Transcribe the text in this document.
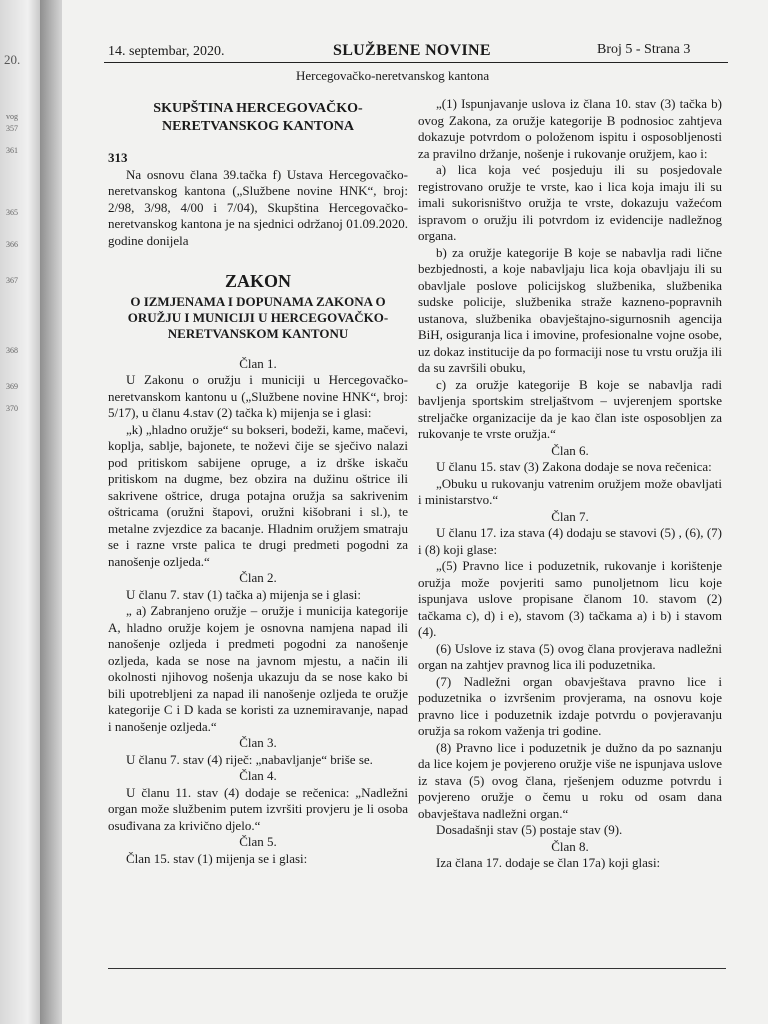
20.
vog
357
361
365
366
367
368
369
370
14. septembar, 2020.	SLUŽBENE NOVINE	Broj 5 - Strana 3
Hercegovačko-neretvanskog kantona
SKUPŠTINA HERCEGOVAČKO-NERETVANSKOG KANTONA

313

Na osnovu člana 39.tačka f) Ustava Hercegovačko-neretvanskog kantona („Službene novine HNK“, broj: 2/98, 3/98, 4/00 i 7/04), Skupština Hercegovačko-neretvanskog kantona je na sjednici održanoj 01.09.2020. godine donijela

ZAKON
O IZMJENAMA I DOPUNAMA ZAKONA O ORUŽJU I MUNICIJI U HERCEGOVAČKO-NERETVANSKOM KANTONU

Član 1.

U Zakonu o oružju i municiji u Hercegovačko-neretvanskom kantonu u („Službene novine HNK“, broj: 5/17), u članu 4.stav (2) tačka k) mijenja se i glasi:

„k) „hladno oružje“ su bokseri, bodeži, kame, mačevi, koplja, sablje, bajonete, te noževi čije se sječivo nalazi pod pritiskom sabijene opruge, a iz drške iskaču pritiskom na dugme, bez obzira na dužinu oštrice ili sakrivene oštrice, druga potajna oružja sa sakrivenim oštricama (oružni štapovi, oružni kišobrani i sl.), te metalne zvjezdice za bacanje. Hladnim oružjem smatraju se i razne vrste palica te drugi predmeti pogodni za nanošenje ozljeda.“

Član 2.

U članu 7. stav (1) tačka a) mijenja se i glasi:

„ a) Zabranjeno oružje – oružje i municija kategorije A, hladno oružje kojem je osnovna namjena napad ili nanošenje ozljeda i predmeti pogodni za nanošenje ozljeda, kada se nose na javnom mjestu, a način ili okolnosti njihovog nošenja ukazuju da se nose kako bi bili upotrebljeni za napad ili nanošenje ozljeda te oružje kategorije C i D kada se koristi za uznemiravanje, napad i nanošenje ozljeda.“

Član 3.

U članu 7. stav (4) riječ: „nabavljanje“ briše se.

Član 4.

U članu 11. stav (4) dodaje se rečenica: „Nadležni organ može službenim putem izvršiti provjeru je li osoba osuđivana za krivično djelo.“

Član 5.

Član 15. stav (1) mijenja se i glasi:

„(1) Ispunjavanje uslova iz člana 10. stav (3) tačka b) ovog Zakona, za oružje kategorije B podnosioc zahtjeva dokazuje potvrdom o položenom ispitu i osposobljenosti za pravilno držanje, nošenje i rukovanje oružjem, kao i:

a) lica koja već posjeduju ili su posjedovale registrovano oružje te vrste, kao i lica koja imaju ili su imali sukorisništvo oružja te vrste, dokazuju važećom ispravom o oružju ili potvrdom iz evidencije nadležnog organa.

b) za oružje kategorije B koje se nabavlja radi lične bezbjednosti, a koje nabavljaju lica koja obavljaju ili su obavljale poslove policijskog službenika, službenika sudske policije, službenika straže kazneno-popravnih ustanova, službenika obavještajno-sigurnosnih agencija BiH, osiguranja lica i imovine, profesionalne vojne osobe, uz dokaz institucije da po formaciji nose tu vrstu oružja ili da su završili obuku,

c) za oružje kategorije B koje se nabavlja radi bavljenja sportskim streljaštvom – uvjerenjem sportske streljačke organizacije da je kao član iste osposobljen za rukovanje te vrste oružja.“

Član 6.

U članu 15. stav (3) Zakona dodaje se nova rečenica:

„Obuku u rukovanju vatrenim oružjem može obavljati i ministarstvo.“

Član 7.

U članu 17. iza stava (4) dodaju se stavovi (5) , (6), (7) i (8) koji glase:

„(5) Pravno lice i poduzetnik, rukovanje i korištenje oružja može povjeriti samo punoljetnom licu koje ispunjava uslove propisane članom 10. stavom (2) tačkama c), d) i e), stavom (3) tačkama a) i b) i stavom (4).

(6) Uslove iz stava (5) ovog člana provjerava nadležni organ na zahtjev pravnog lica ili poduzetnika.

(7) Nadležni organ obavještava pravno lice i poduzetnika o izvršenim provjerama, na osnovu koje pravno lice i poduzetnik izdaje potvrdu o povjeravanju oružja sa rokom važenja tri godine.

(8) Pravno lice i poduzetnik je dužno da po saznanju da lice kojem je povjereno oružje više ne ispunjava uslove iz stava (5) ovog člana, rješenjem oduzme potvrdu i povjereno oružje o čemu u roku od osam dana obavještava nadležni organ.“

Dosadašnji stav (5) postaje stav (9).

Član 8.

Iza člana 17. dodaje se član 17a) koji glasi:
